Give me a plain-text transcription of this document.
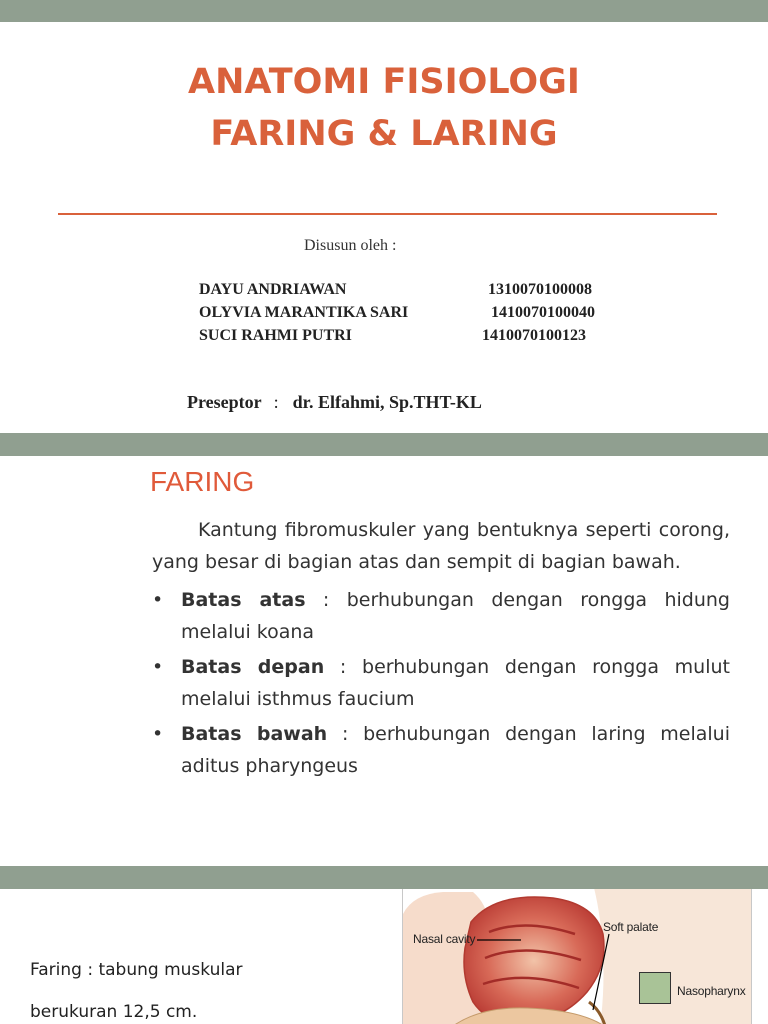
ANATOMI FISIOLOGI
FARING & LARING
Disusun oleh :
DAYU ANDRIAWAN	1310070100008
OLYVIA MARANTIKA SARI	1410070100040
SUCI RAHMI PUTRI	1410070100123
Preseptor : dr. Elfahmi, Sp.THT-KL
FARING

Kantung fibromuskuler yang bentuknya seperti corong, yang besar di bagian atas dan sempit di bagian bawah.

• Batas atas : berhubungan dengan rongga hidung melalui koana
• Batas depan : berhubungan dengan rongga mulut melalui isthmus faucium
• Batas bawah : berhubungan dengan laring melalui aditus pharyngeus
Faring : tabung muskular
berukuran 12,5 cm.
Nasal cavity
Soft palate
Nasopharynx
